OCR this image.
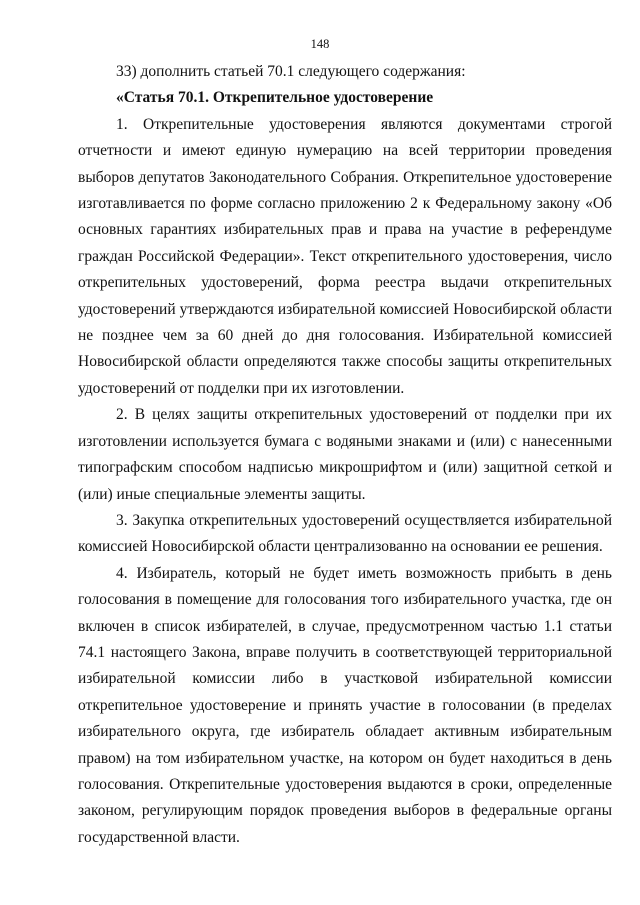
148

33) дополнить статьей 70.1 следующего содержания:

«Статья 70.1. Открепительное удостоверение

1. Открепительные удостоверения являются документами строгой отчетности и имеют единую нумерацию на всей территории проведения выборов депутатов Законодательного Собрания. Открепительное удостоверение изготавливается по форме согласно приложению 2 к Федеральному закону «Об основных гарантиях избирательных прав и права на участие в референдуме граждан Российской Федерации». Текст открепительного удостоверения, число открепительных удостоверений, форма реестра выдачи открепительных удостоверений утверждаются избирательной комиссией Новосибирской области не позднее чем за 60 дней до дня голосования. Избирательной комиссией Новосибирской области определяются также способы защиты открепительных удостоверений от подделки при их изготовлении.

2. В целях защиты открепительных удостоверений от подделки при их изготовлении используется бумага с водяными знаками и (или) с нанесенными типографским способом надписью микрошрифтом и (или) защитной сеткой и (или) иные специальные элементы защиты.

3. Закупка открепительных удостоверений осуществляется избирательной комиссией Новосибирской области централизованно на основании ее решения.

4. Избиратель, который не будет иметь возможность прибыть в день голосования в помещение для голосования того избирательного участка, где он включен в список избирателей, в случае, предусмотренном частью 1.1 статьи 74.1 настоящего Закона, вправе получить в соответствующей территориальной избирательной комиссии либо в участковой избирательной комиссии открепительное удостоверение и принять участие в голосовании (в пределах избирательного округа, где избиратель обладает активным избирательным правом) на том избирательном участке, на котором он будет находиться в день голосования. Открепительные удостоверения выдаются в сроки, определенные законом, регулирующим порядок проведения выборов в федеральные органы государственной власти.
